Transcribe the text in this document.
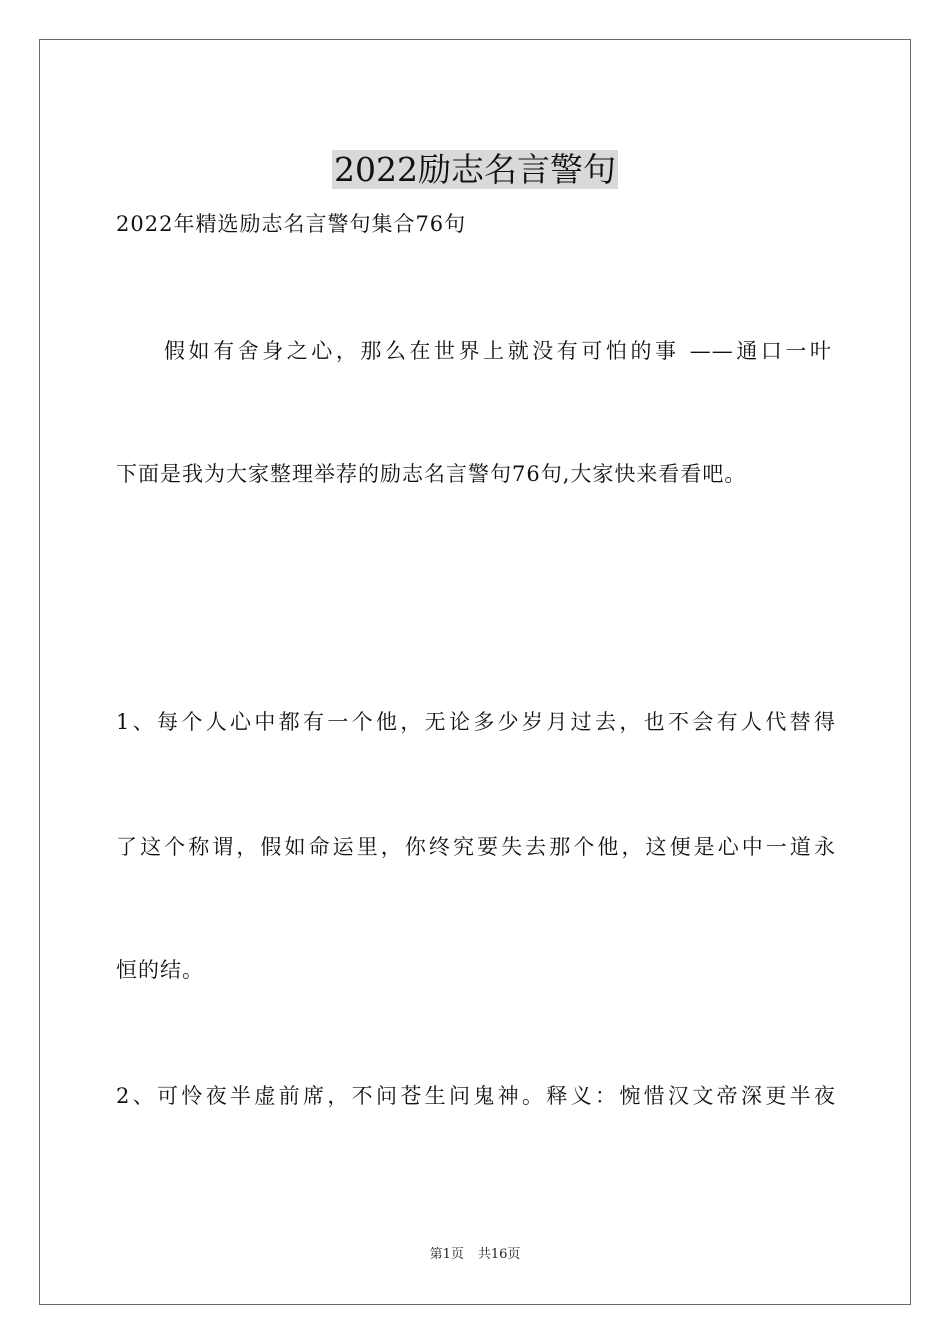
2022励志名言警句
2022年精选励志名言警句集合76句
假如有舍身之心，那么在世界上就没有可怕的事 ——通口一叶
下面是我为大家整理举荐的励志名言警句76句,大家快来看看吧。
1、每个人心中都有一个他，无论多少岁月过去，也不会有人代替得
了这个称谓，假如命运里，你终究要失去那个他，这便是心中一道永
恒的结。
2、可怜夜半虚前席，不问苍生问鬼神。释义：惋惜汉文帝深更半夜
第1页 共16页
